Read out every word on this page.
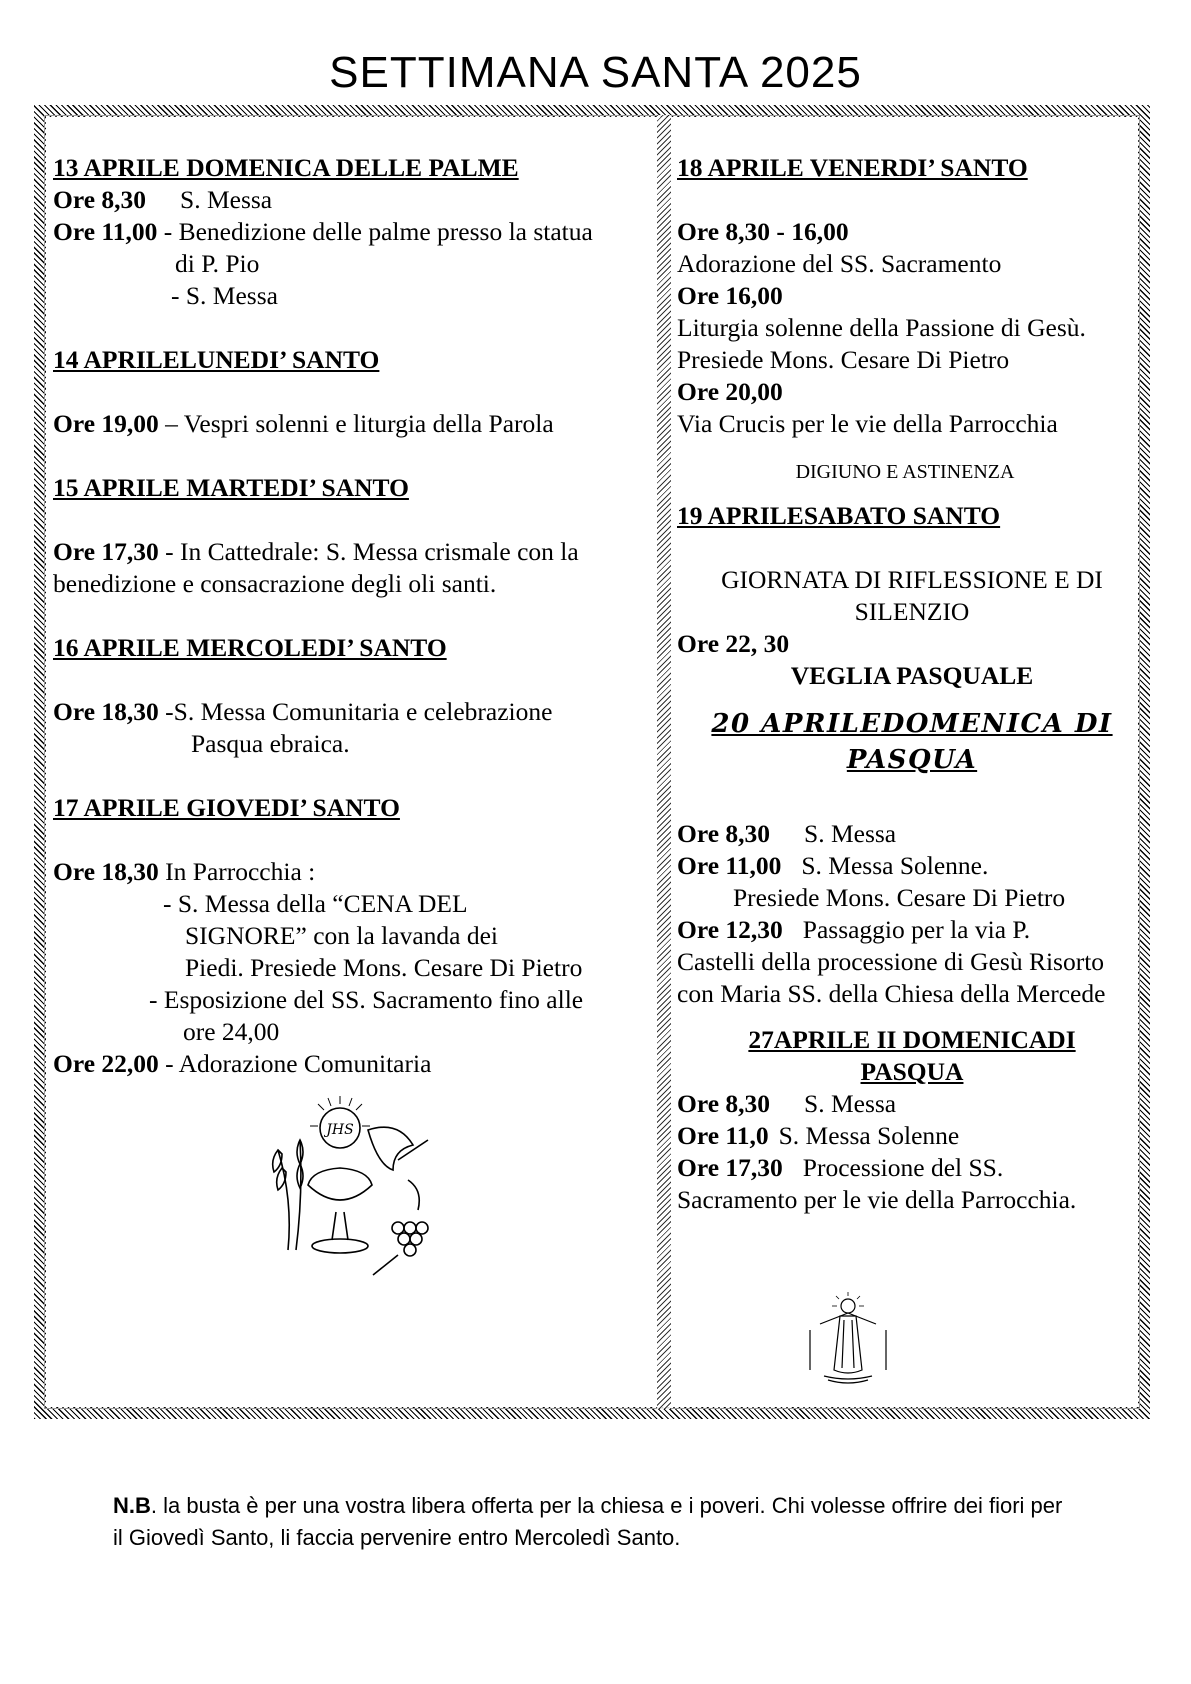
SETTIMANA SANTA 2025
13 APRILE DOMENICA DELLE PALME
Ore 8,30 S. Messa
Ore 11,00 - Benedizione delle palme presso la statua
di P. Pio
- S. Messa
14 APRILELUNEDI’ SANTO
Ore 19,00 – Vespri solenni e liturgia della Parola
15 APRILE MARTEDI’ SANTO
Ore 17,30 - In Cattedrale: S. Messa crismale con la
benedizione e consacrazione degli oli santi.
16 APRILE MERCOLEDI’ SANTO
Ore 18,30 -S. Messa Comunitaria e celebrazione
Pasqua ebraica.
17 APRILE GIOVEDI’ SANTO
Ore 18,30 In Parrocchia :
- S. Messa della “CENA DEL
SIGNORE” con la lavanda dei
Piedi. Presiede Mons. Cesare Di Pietro
- Esposizione del SS. Sacramento fino alle
ore 24,00
Ore 22,00 - Adorazione Comunitaria
JHS
18 APRILE VENERDI’ SANTO
Ore 8,30 - 16,00
Adorazione del SS. Sacramento
Ore 16,00
Liturgia solenne della Passione di Gesù.
Presiede Mons. Cesare Di Pietro
Ore 20,00
Via Crucis per le vie della Parrocchia
DIGIUNO E ASTINENZA
19 APRILESABATO SANTO
GIORNATA DI RIFLESSIONE E DI
SILENZIO
Ore 22, 30
VEGLIA PASQUALE
20 APRILEDOMENICA DI
PASQUA
Ore 8,30 S. Messa
Ore 11,00 S. Messa Solenne.
Presiede Mons. Cesare Di Pietro
Ore 12,30 Passaggio per la via P.
Castelli della processione di Gesù Risorto
con Maria SS. della Chiesa della Mercede
27APRILE II DOMENICADI
PASQUA
Ore 8,30 S. Messa
Ore 11,0 S. Messa Solenne
Ore 17,30 Processione del SS.
Sacramento per le vie della Parrocchia.
N.B. la busta è per una vostra libera offerta per la chiesa e i poveri. Chi volesse offrire dei fiori per il Giovedì Santo, li faccia pervenire entro Mercoledì Santo.
